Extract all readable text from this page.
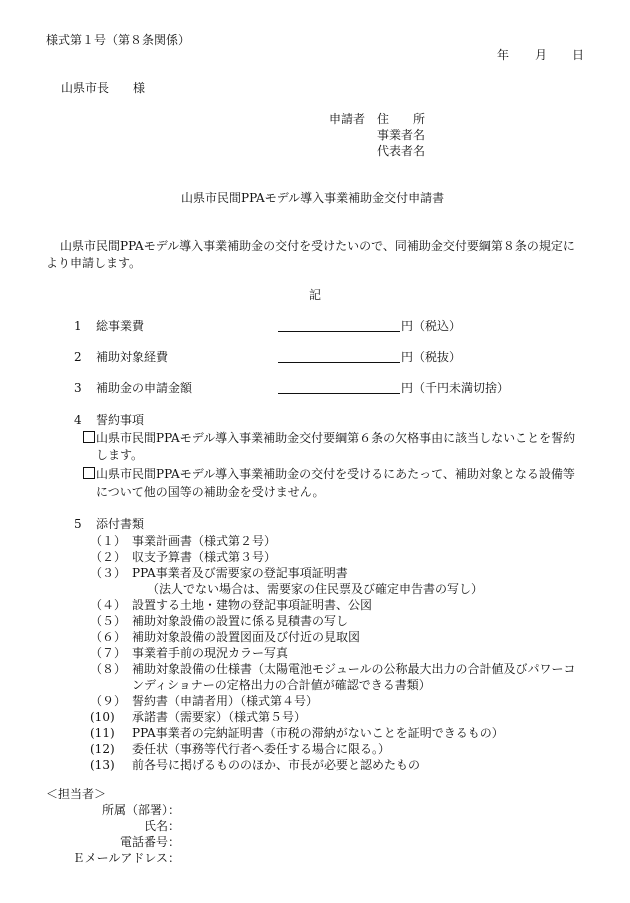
様式第１号（第８条関係）
年 月 日
山県市長 様
申請者 住　　所
事業者名
代表者名
山県市民間PPAモデル導入事業補助金交付申請書
山県市民間PPAモデル導入事業補助金の交付を受けたいので、同補助金交付要綱第８条の規定に
より申請します。
記
1 総事業費	円 （税込）
2 補助対象経費	円 （税抜）
3 補助金の申請金額	円 （千円未満切捨）
4 誓約事項
山県市民間PPAモデル導入事業補助金交付要綱第６条の欠格事由に該当しないことを誓約
します。
山県市民間PPAモデル導入事業補助金の交付を受けるにあたって、補助対象となる設備等
について他の国等の補助金を受けません。
5 添付書類
（１） 事業計画書（様式第２号）
（２） 収支予算書（様式第３号）
（３） PPA事業者及び需要家の登記事項証明書
（法人でない場合は、需要家の住民票及び確定申告書の写し）
（４） 設置する土地・建物の登記事項証明書、公図
（５） 補助対象設備の設置に係る見積書の写し
（６） 補助対象設備の設置図面及び付近の見取図
（７） 事業着手前の現況カラー写真
（８） 補助対象設備の仕様書（太陽電池モジュールの公称最大出力の合計値及びパワーコ
ンディショナーの定格出力の合計値が確認できる書類）
（９） 誓約書（申請者用）（様式第４号）
(10) 承諾書（需要家）（様式第５号）
(11) PPA事業者の完納証明書（市税の滞納がないことを証明できるもの）
(12) 委任状（事務等代行者へ委任する場合に限る。）
(13) 前各号に掲げるもののほか、市長が必要と認めたもの
＜担当者＞
所属（部署）：
氏名：
電話番号：
Ｅメールアドレス：
